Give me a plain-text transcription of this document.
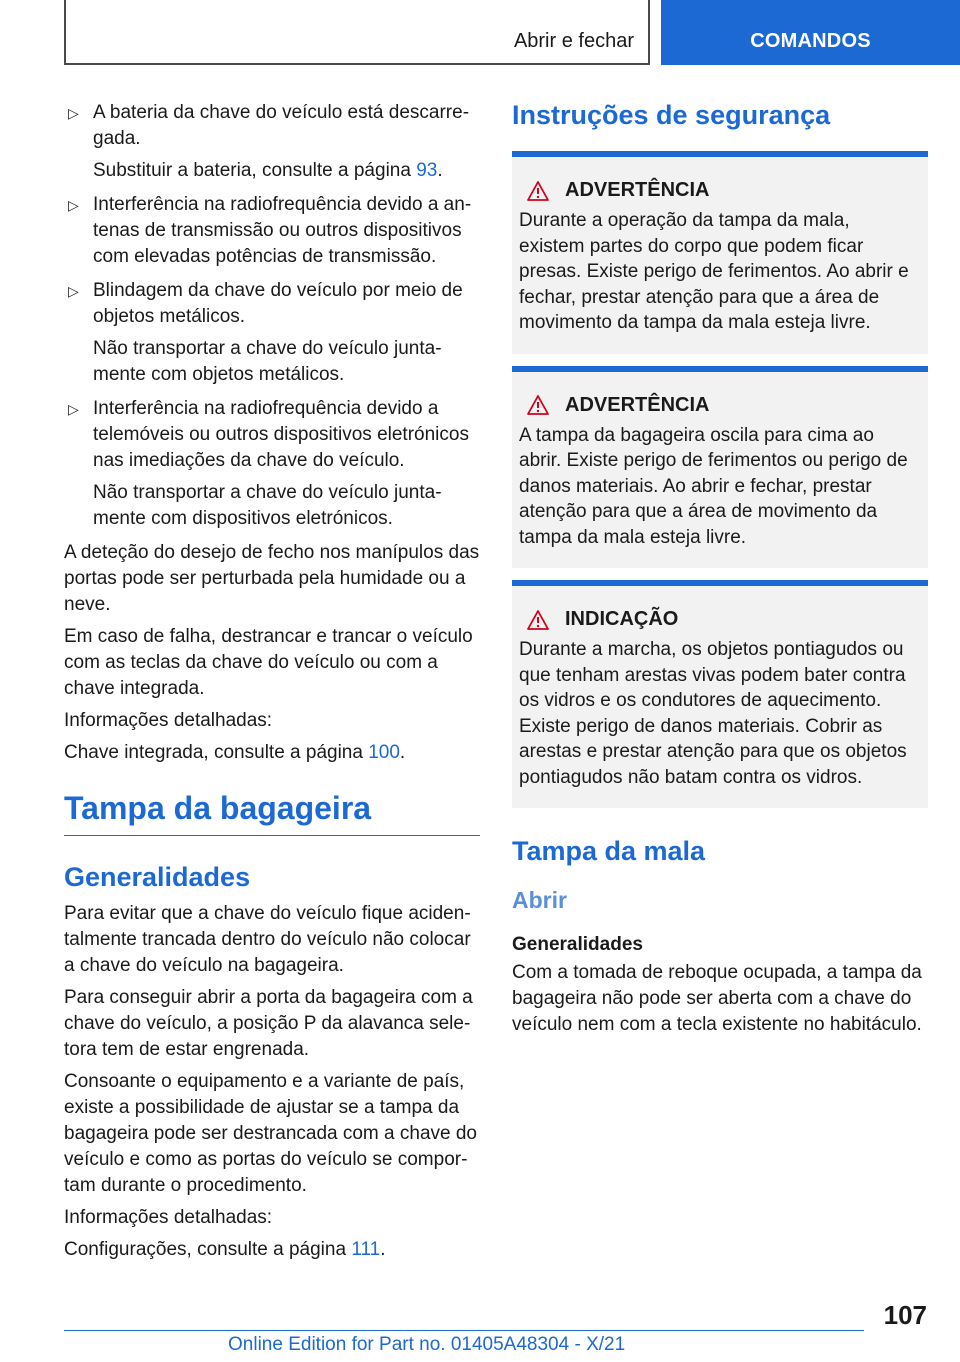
Abrir e fechar	COMANDOS
▷ A bateria da chave do veículo está descarregada.
Substituir a bateria, consulte a página 93.
▷ Interferência na radiofrequência devido a antenas de transmissão ou outros dispositivos com elevadas potências de transmissão.
▷ Blindagem da chave do veículo por meio de objetos metálicos.
Não transportar a chave do veículo juntamente com objetos metálicos.
▷ Interferência na radiofrequência devido a telemóveis ou outros dispositivos eletrónicos nas imediações da chave do veículo.
Não transportar a chave do veículo juntamente com dispositivos eletrónicos.
A deteção do desejo de fecho nos manípulos das portas pode ser perturbada pela humidade ou a neve.
Em caso de falha, destrancar e trancar o veículo com as teclas da chave do veículo ou com a chave integrada.
Informações detalhadas:
Chave integrada, consulte a página 100.
Tampa da bagageira
Generalidades
Para evitar que a chave do veículo fique acidentalmente trancada dentro do veículo não colocar a chave do veículo na bagageira.
Para conseguir abrir a porta da bagageira com a chave do veículo, a posição P da alavanca seletora tem de estar engrenada.
Consoante o equipamento e a variante de país, existe a possibilidade de ajustar se a tampa da bagageira pode ser destrancada com a chave do veículo e como as portas do veículo se comportam durante o procedimento.
Informações detalhadas:
Configurações, consulte a página 111.
Instruções de segurança
ADVERTÊNCIA
Durante a operação da tampa da mala, existem partes do corpo que podem ficar presas. Existe perigo de ferimentos. Ao abrir e fechar, prestar atenção para que a área de movimento da tampa da mala esteja livre.
ADVERTÊNCIA
A tampa da bagageira oscila para cima ao abrir. Existe perigo de ferimentos ou perigo de danos materiais. Ao abrir e fechar, prestar atenção para que a área de movimento da tampa da mala esteja livre.
INDICAÇÃO
Durante a marcha, os objetos pontiagudos ou que tenham arestas vivas podem bater contra os vidros e os condutores de aquecimento. Existe perigo de danos materiais. Cobrir as arestas e prestar atenção para que os objetos pontiagudos não batam contra os vidros.
Tampa da mala
Abrir
Generalidades
Com a tomada de reboque ocupada, a tampa da bagageira não pode ser aberta com a chave do veículo nem com a tecla existente no habitáculo.
107
Online Edition for Part no. 01405A48304 - X/21
